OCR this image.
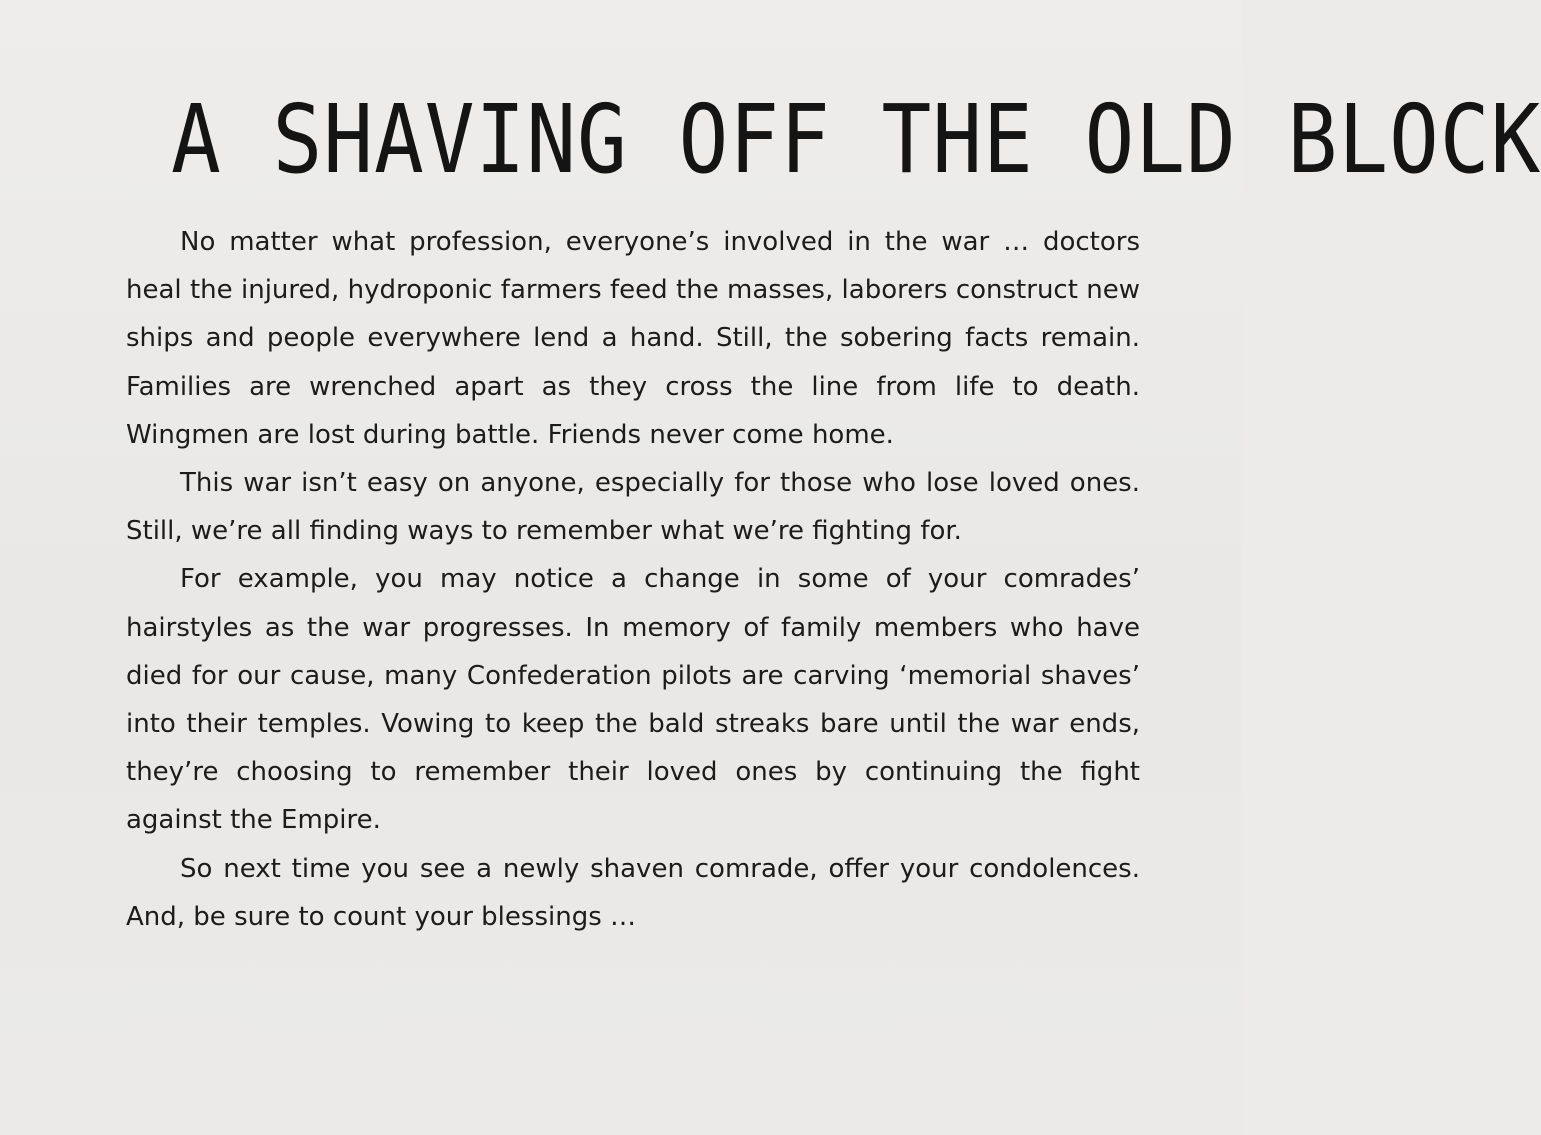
A SHAVING OFF THE OLD BLOCK

No matter what profession, everyone’s involved in the war … doctors heal the injured, hydroponic farmers feed the masses, laborers construct new ships and people everywhere lend a hand. Still, the sobering facts remain. Families are wrenched apart as they cross the line from life to death. Wingmen are lost during battle. Friends never come home.

This war isn’t easy on anyone, especially for those who lose loved ones. Still, we’re all finding ways to remember what we’re fighting for.

For example, you may notice a change in some of your comrades’ hairstyles as the war progresses. In memory of family members who have died for our cause, many Confederation pilots are carving ‘memorial shaves’ into their temples. Vowing to keep the bald streaks bare until the war ends, they’re choosing to remember their loved ones by continuing the fight against the Empire.

So next time you see a newly shaven comrade, offer your condolences. And, be sure to count your blessings …
